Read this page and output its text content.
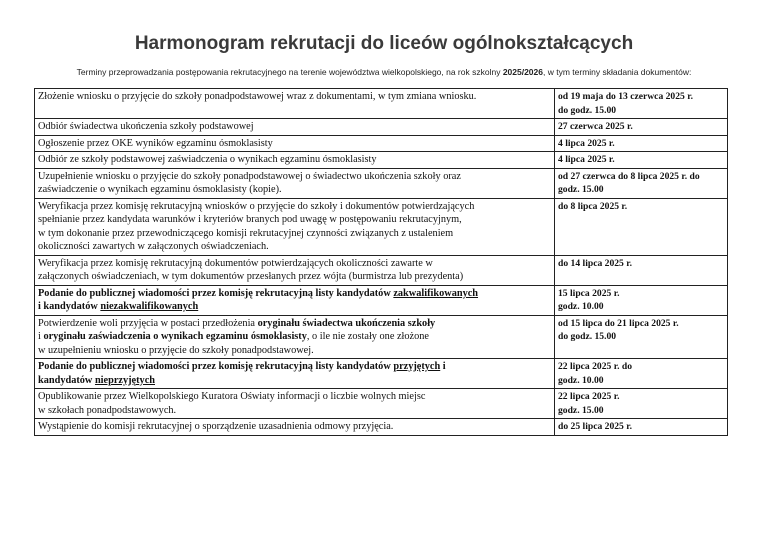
Harmonogram rekrutacji do liceów ogólnokształcących
Terminy przeprowadzania postępowania rekrutacyjnego na terenie województwa wielkopolskiego, na rok szkolny 2025/2026, w tym terminy składania dokumentów:
Złożenie wniosku o przyjęcie do szkoły ponadpodstawowej wraz z dokumentami, w tym zmiana wniosku.	od 19 maja do 13 czerwca 2025 r.
do godz. 15.00
Odbiór świadectwa ukończenia szkoły podstawowej	27 czerwca 2025 r.
Ogłoszenie przez OKE wyników egzaminu ósmoklasisty	4 lipca 2025 r.
Odbiór ze szkoły podstawowej zaświadczenia o wynikach egzaminu ósmoklasisty	4 lipca 2025 r.
Uzupełnienie wniosku o przyjęcie do szkoły ponadpodstawowej o świadectwo ukończenia szkoły oraz
zaświadczenie o wynikach egzaminu ósmoklasisty (kopie).	od 27 czerwca do 8 lipca 2025 r. do
godz. 15.00
Weryfikacja przez komisję rekrutacyjną wniosków o przyjęcie do szkoły i dokumentów potwierdzających
spełnianie przez kandydata warunków i kryteriów branych pod uwagę w postępowaniu rekrutacyjnym,
w tym dokonanie przez przewodniczącego komisji rekrutacyjnej czynności związanych z ustaleniem
okoliczności zawartych w załączonych oświadczeniach.	do 8 lipca 2025 r.
Weryfikacja przez komisję rekrutacyjną dokumentów potwierdzających okoliczności zawarte w
załączonych oświadczeniach, w tym dokumentów przesłanych przez wójta (burmistrza lub prezydenta)	do 14 lipca 2025 r.
Podanie do publicznej wiadomości przez komisję rekrutacyjną listy kandydatów zakwalifikowanych
i kandydatów niezakwalifikowanych	15 lipca 2025 r.
godz. 10.00
Potwierdzenie woli przyjęcia w postaci przedłożenia oryginału świadectwa ukończenia szkoły
i oryginału zaświadczenia o wynikach egzaminu ósmoklasisty, o ile nie zostały one złożone
w uzupełnieniu wniosku o przyjęcie do szkoły ponadpodstawowej.	od 15 lipca do 21 lipca 2025 r.
do godz. 15.00
Podanie do publicznej wiadomości przez komisję rekrutacyjną listy kandydatów przyjętych i
kandydatów nieprzyjętych	22 lipca 2025 r. do
godz. 10.00
Opublikowanie przez Wielkopolskiego Kuratora Oświaty informacji o liczbie wolnych miejsc
w szkołach ponadpodstawowych.	22 lipca 2025 r.
godz. 15.00
Wystąpienie do komisji rekrutacyjnej o sporządzenie uzasadnienia odmowy przyjęcia.	do 25 lipca 2025 r.
